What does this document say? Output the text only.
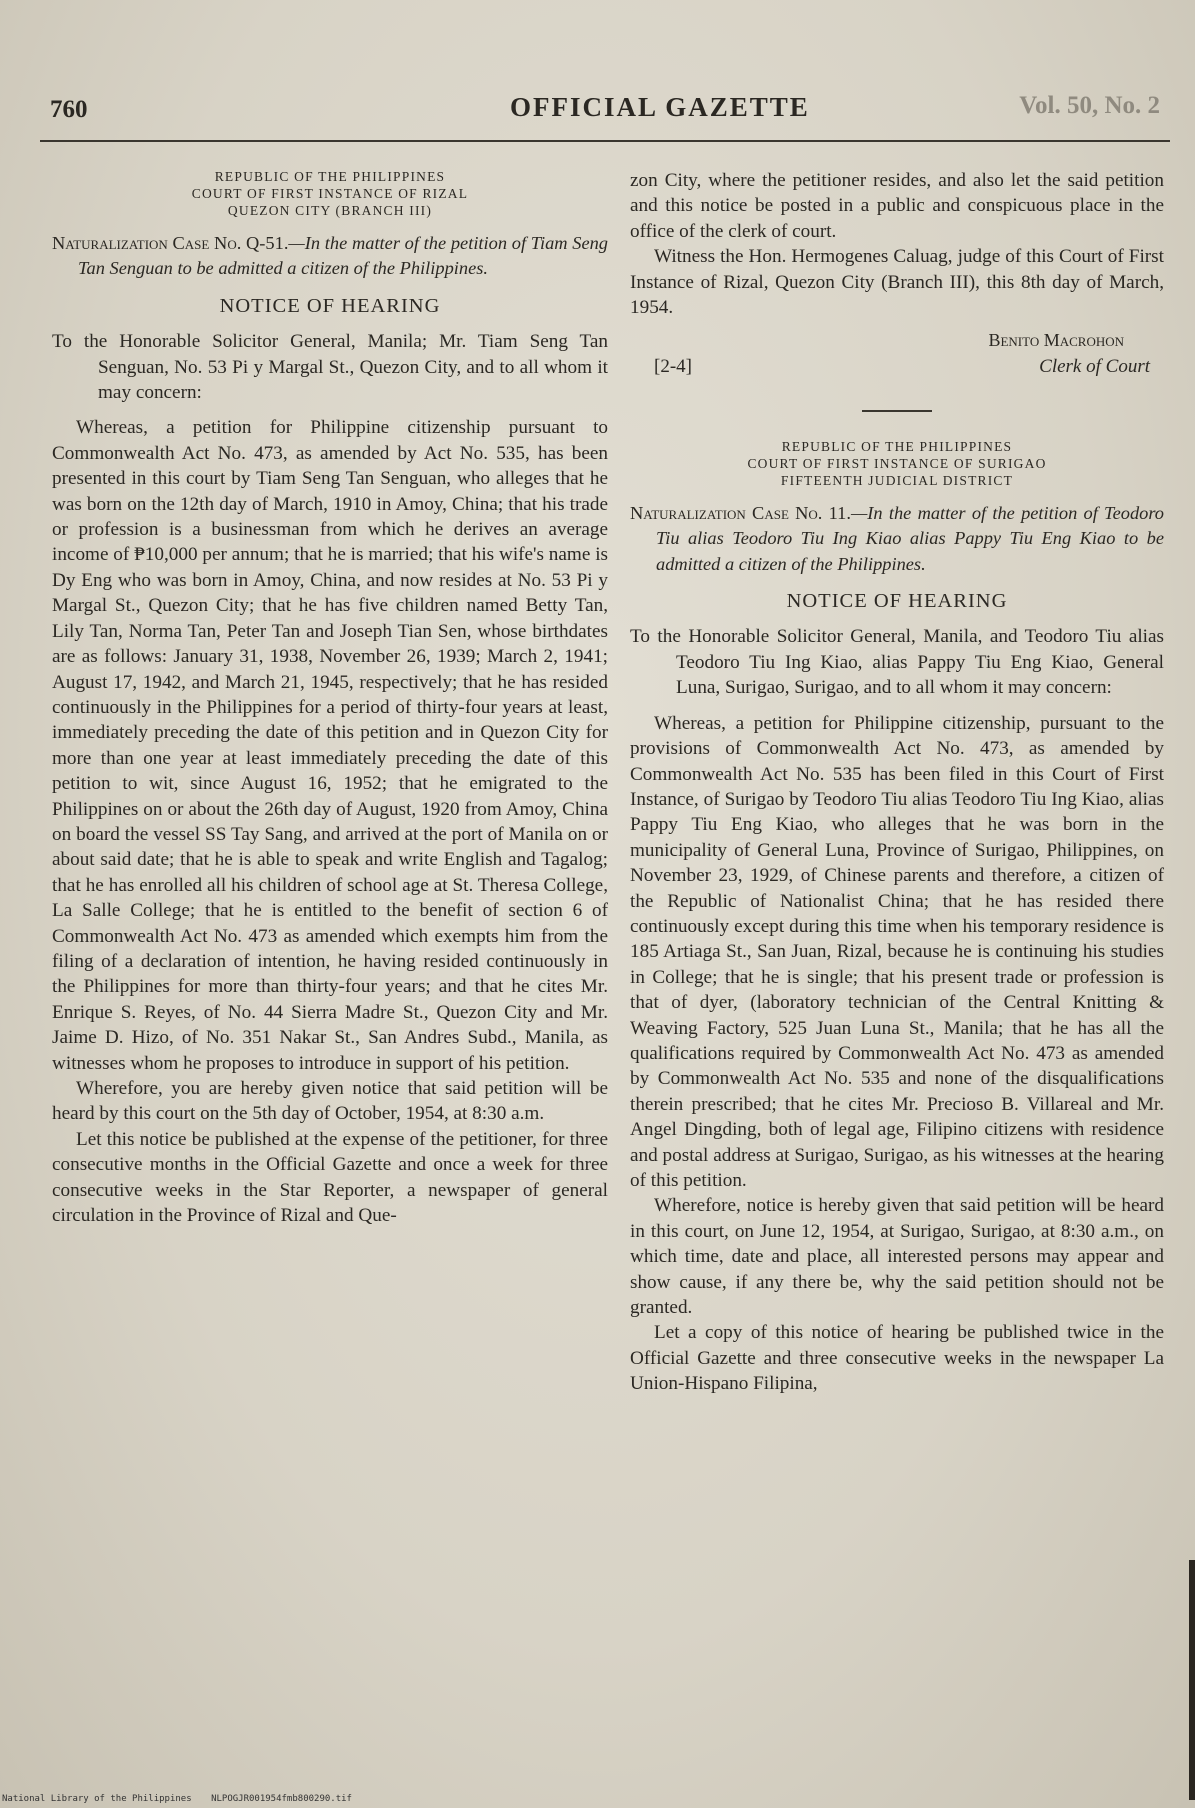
760	OFFICIAL GAZETTE	Vol. 50, No. 2
REPUBLIC OF THE PHILIPPINES
COURT OF FIRST INSTANCE OF RIZAL
QUEZON CITY (BRANCH III)
Naturalization Case No. Q-51.—In the matter of the petition of Tiam Seng Tan Senguan to be admitted a citizen of the Philippines.
NOTICE OF HEARING
To the Honorable Solicitor General, Manila; Mr. Tiam Seng Tan Senguan, No. 53 Pi y Margal St., Quezon City, and to all whom it may concern:

Whereas, a petition for Philippine citizenship pursuant to Commonwealth Act No. 473, as amended by Act No. 535, has been presented in this court by Tiam Seng Tan Senguan, who alleges that he was born on the 12th day of March, 1910 in Amoy, China; that his trade or profession is a businessman from which he derives an average income of ₱10,000 per annum; that he is married; that his wife's name is Dy Eng who was born in Amoy, China, and now resides at No. 53 Pi y Margal St., Quezon City; that he has five children named Betty Tan, Lily Tan, Norma Tan, Peter Tan and Joseph Tian Sen, whose birthdates are as follows: January 31, 1938, November 26, 1939; March 2, 1941; August 17, 1942, and March 21, 1945, respectively; that he has resided continuously in the Philippines for a period of thirty-four years at least, immediately preceding the date of this petition and in Quezon City for more than one year at least immediately preceding the date of this petition to wit, since August 16, 1952; that he emigrated to the Philippines on or about the 26th day of August, 1920 from Amoy, China on board the vessel SS Tay Sang, and arrived at the port of Manila on or about said date; that he is able to speak and write English and Tagalog; that he has enrolled all his children of school age at St. Theresa College, La Salle College; that he is entitled to the benefit of section 6 of Commonwealth Act No. 473 as amended which exempts him from the filing of a declaration of intention, he having resided continuously in the Philippines for more than thirty-four years; and that he cites Mr. Enrique S. Reyes, of No. 44 Sierra Madre St., Quezon City and Mr. Jaime D. Hizo, of No. 351 Nakar St., San Andres Subd., Manila, as witnesses whom he proposes to introduce in support of his petition.

Wherefore, you are hereby given notice that said petition will be heard by this court on the 5th day of October, 1954, at 8:30 a.m.

Let this notice be published at the expense of the petitioner, for three consecutive months in the Official Gazette and once a week for three consecutive weeks in the Star Reporter, a newspaper of general circulation in the Province of Rizal and Que-

zon City, where the petitioner resides, and also let the said petition and this notice be posted in a public and conspicuous place in the office of the clerk of court.

Witness the Hon. Hermogenes Caluag, judge of this Court of First Instance of Rizal, Quezon City (Branch III), this 8th day of March, 1954.

Benito Macrohon
[2-4]	Clerk of Court
REPUBLIC OF THE PHILIPPINES
COURT OF FIRST INSTANCE OF SURIGAO
FIFTEENTH JUDICIAL DISTRICT
Naturalization Case No. 11.—In the matter of the petition of Teodoro Tiu alias Teodoro Tiu Ing Kiao alias Pappy Tiu Eng Kiao to be admitted a citizen of the Philippines.
NOTICE OF HEARING
To the Honorable Solicitor General, Manila, and Teodoro Tiu alias Teodoro Tiu Ing Kiao, alias Pappy Tiu Eng Kiao, General Luna, Surigao, Surigao, and to all whom it may concern:

Whereas, a petition for Philippine citizenship, pursuant to the provisions of Commonwealth Act No. 473, as amended by Commonwealth Act No. 535 has been filed in this Court of First Instance, of Surigao by Teodoro Tiu alias Teodoro Tiu Ing Kiao, alias Pappy Tiu Eng Kiao, who alleges that he was born in the municipality of General Luna, Province of Surigao, Philippines, on November 23, 1929, of Chinese parents and therefore, a citizen of the Republic of Nationalist China; that he has resided there continuously except during this time when his temporary residence is 185 Artiaga St., San Juan, Rizal, because he is continuing his studies in College; that he is single; that his present trade or profession is that of dyer, (laboratory technician of the Central Knitting & Weaving Factory, 525 Juan Luna St., Manila; that he has all the qualifications required by Commonwealth Act No. 473 as amended by Commonwealth Act No. 535 and none of the disqualifications therein prescribed; that he cites Mr. Precioso B. Villareal and Mr. Angel Dingding, both of legal age, Filipino citizens with residence and postal address at Surigao, Surigao, as his witnesses at the hearing of this petition.

Wherefore, notice is hereby given that said petition will be heard in this court, on June 12, 1954, at Surigao, Surigao, at 8:30 a.m., on which time, date and place, all interested persons may appear and show cause, if any there be, why the said petition should not be granted.

Let a copy of this notice of hearing be published twice in the Official Gazette and three consecutive weeks in the newspaper La Union-Hispano Filipina,

National Library of the Philippines NLPOGJR001954fmb800290.tif
